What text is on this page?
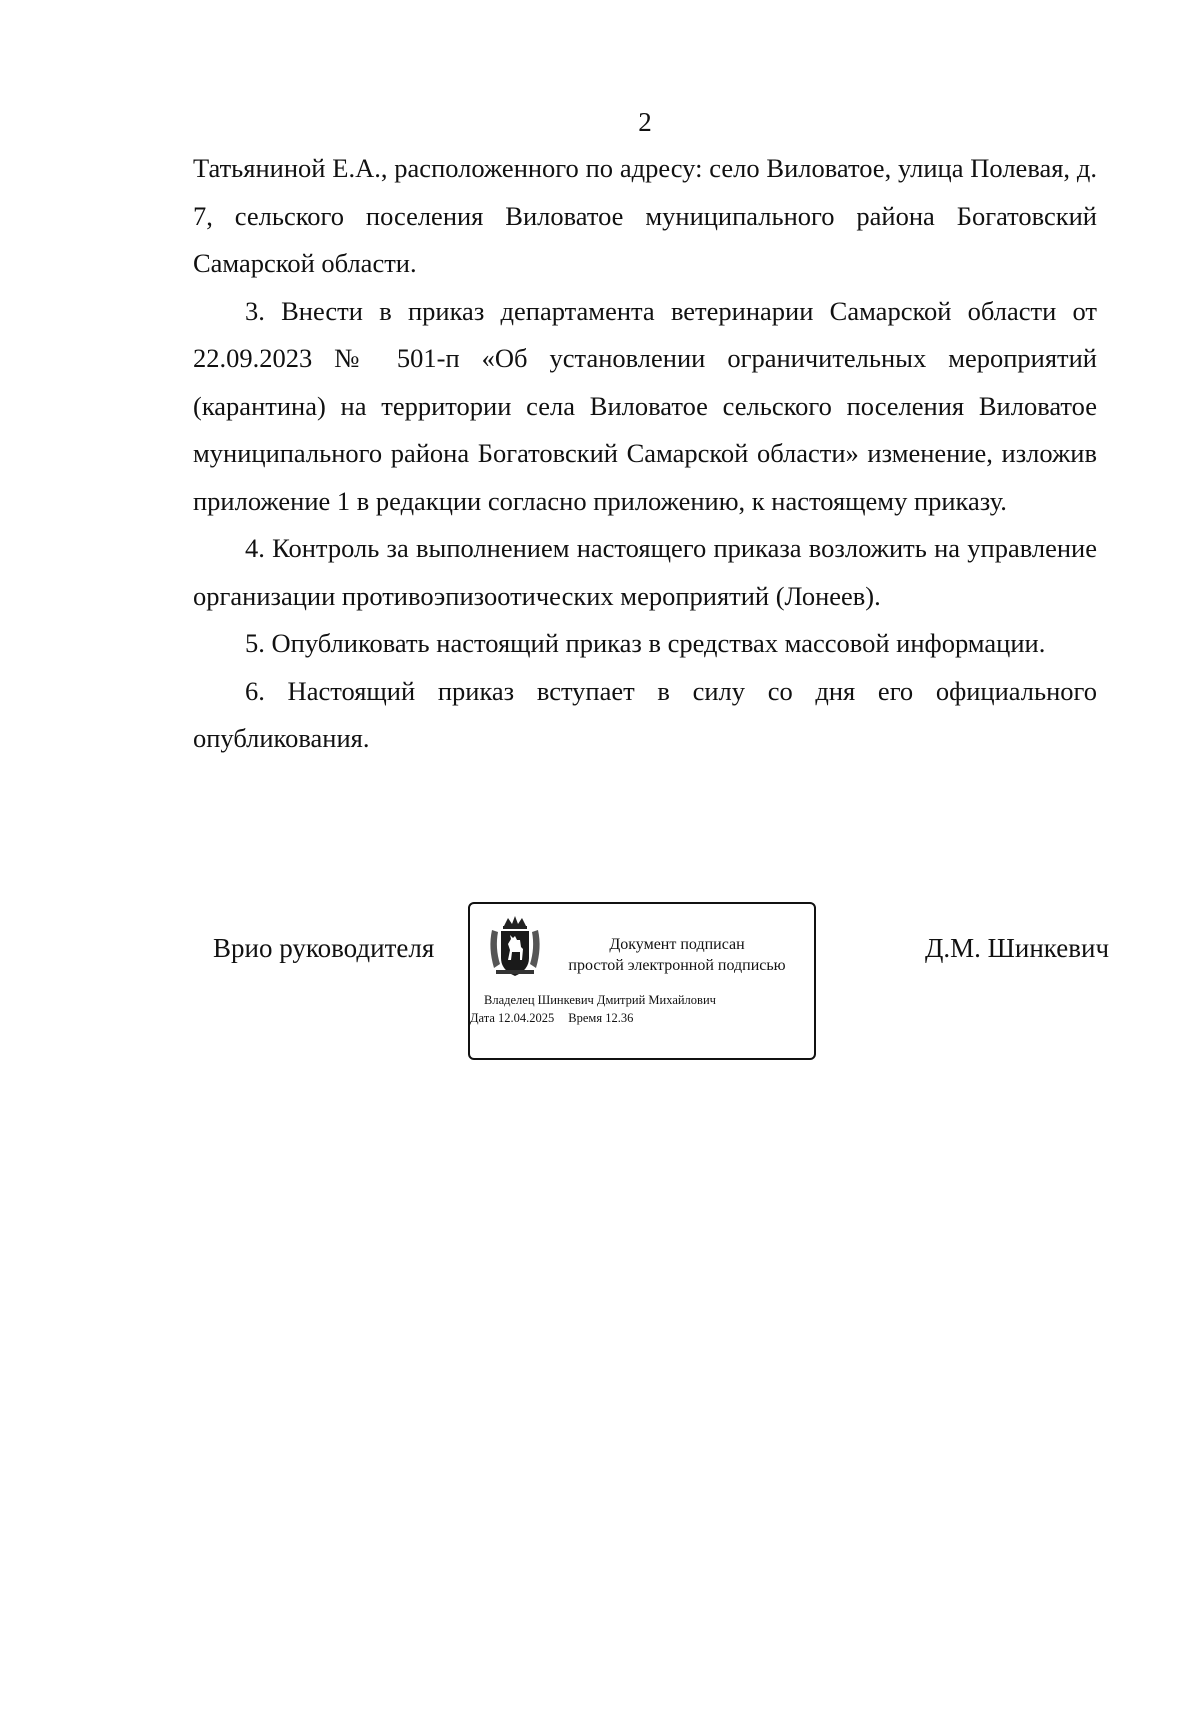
2

Татьяниной Е.А., расположенного по адресу: село Виловатое, улица Полевая, д. 7, сельского поселения Виловатое муниципального района Богатовский Самарской области.

3. Внести в приказ департамента ветеринарии Самарской области от 22.09.2023 № 501-п «Об установлении ограничительных мероприятий (карантина) на территории села Виловатое сельского поселения Виловатое муниципального района Богатовский Самарской области» изменение, изложив приложение 1 в редакции согласно приложению, к настоящему приказу.

4. Контроль за выполнением настоящего приказа возложить на управление организации противоэпизоотических мероприятий (Лонеев).

5. Опубликовать настоящий приказ в средствах массовой информации.

6. Настоящий приказ вступает в силу со дня его официального опубликования.

Врио руководителя	Документ подписан
простой электронной подписью
Владелец Шинкевич Дмитрий Михайлович
Дата 12.04.2025 Время 12.36
Д.М. Шинкевич
